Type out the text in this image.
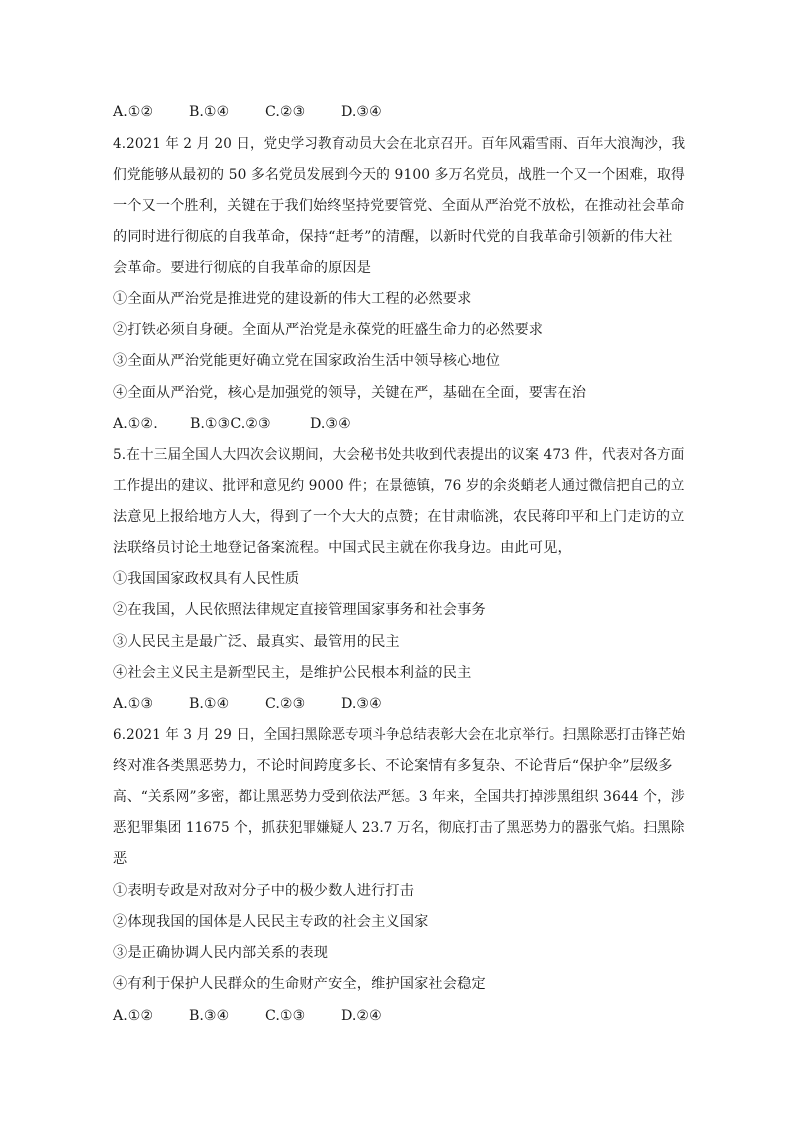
A.①②	B.①④	C.②③	D.③④
4.2021 年 2 月 20 日，党史学习教育动员大会在北京召开。百年风霜雪雨、百年大浪淘沙，我
们党能够从最初的 50 多名党员发展到今天的 9100 多万名党员，战胜一个又一个困难，取得
一个又一个胜利，关键在于我们始终坚持党要管党、全面从严治党不放松，在推动社会革命
的同时进行彻底的自我革命，保持“赶考”的清醒，以新时代党的自我革命引领新的伟大社
会革命。要进行彻底的自我革命的原因是
①全面从严治党是推进党的建设新的伟大工程的必然要求
②打铁必须自身硬。全面从严治党是永葆党的旺盛生命力的必然要求
③全面从严治党能更好确立党在国家政治生活中领导核心地位
④全面从严治党，核心是加强党的领导，关键在严，基础在全面，要害在治
A.①②. B.①③C.②③	D.③④
5.在十三届全国人大四次会议期间，大会秘书处共收到代表提出的议案 473 件，代表对各方面
工作提出的建议、批评和意见约 9000 件；在景德镇，76 岁的余炎蛸老人通过微信把自己的立
法意见上报给地方人大，得到了一个大大的点赞；在甘肃临洮，农民蒋印平和上门走访的立
法联络员讨论土地登记备案流程。中国式民主就在你我身边。由此可见，
①我国国家政权具有人民性质
②在我国，人民依照法律规定直接管理国家事务和社会事务
③人民民主是最广泛、最真实、最管用的民主
④社会主义民主是新型民主，是维护公民根本利益的民主
A.①③	B.①④	C.②③	D.③④
6.2021 年 3 月 29 日，全国扫黑除恶专项斗争总结表彰大会在北京举行。扫黑除恶打击锋芒始
终对准各类黑恶势力，不论时间跨度多长、不论案情有多复杂、不论背后“保护伞”层级多
高、“关系网”多密，都让黑恶势力受到依法严惩。3 年来，全国共打掉涉黑组织 3644 个，涉
恶犯罪集团 11675 个，抓获犯罪嫌疑人 23.7 万名，彻底打击了黑恶势力的嚣张气焰。扫黑除
恶
①表明专政是对敌对分子中的极少数人进行打击
②体现我国的国体是人民民主专政的社会主义国家
③是正确协调人民内部关系的表现
④有利于保护人民群众的生命财产安全，维护国家社会稳定
A.①②	B.③④	C.①③	D.②④
